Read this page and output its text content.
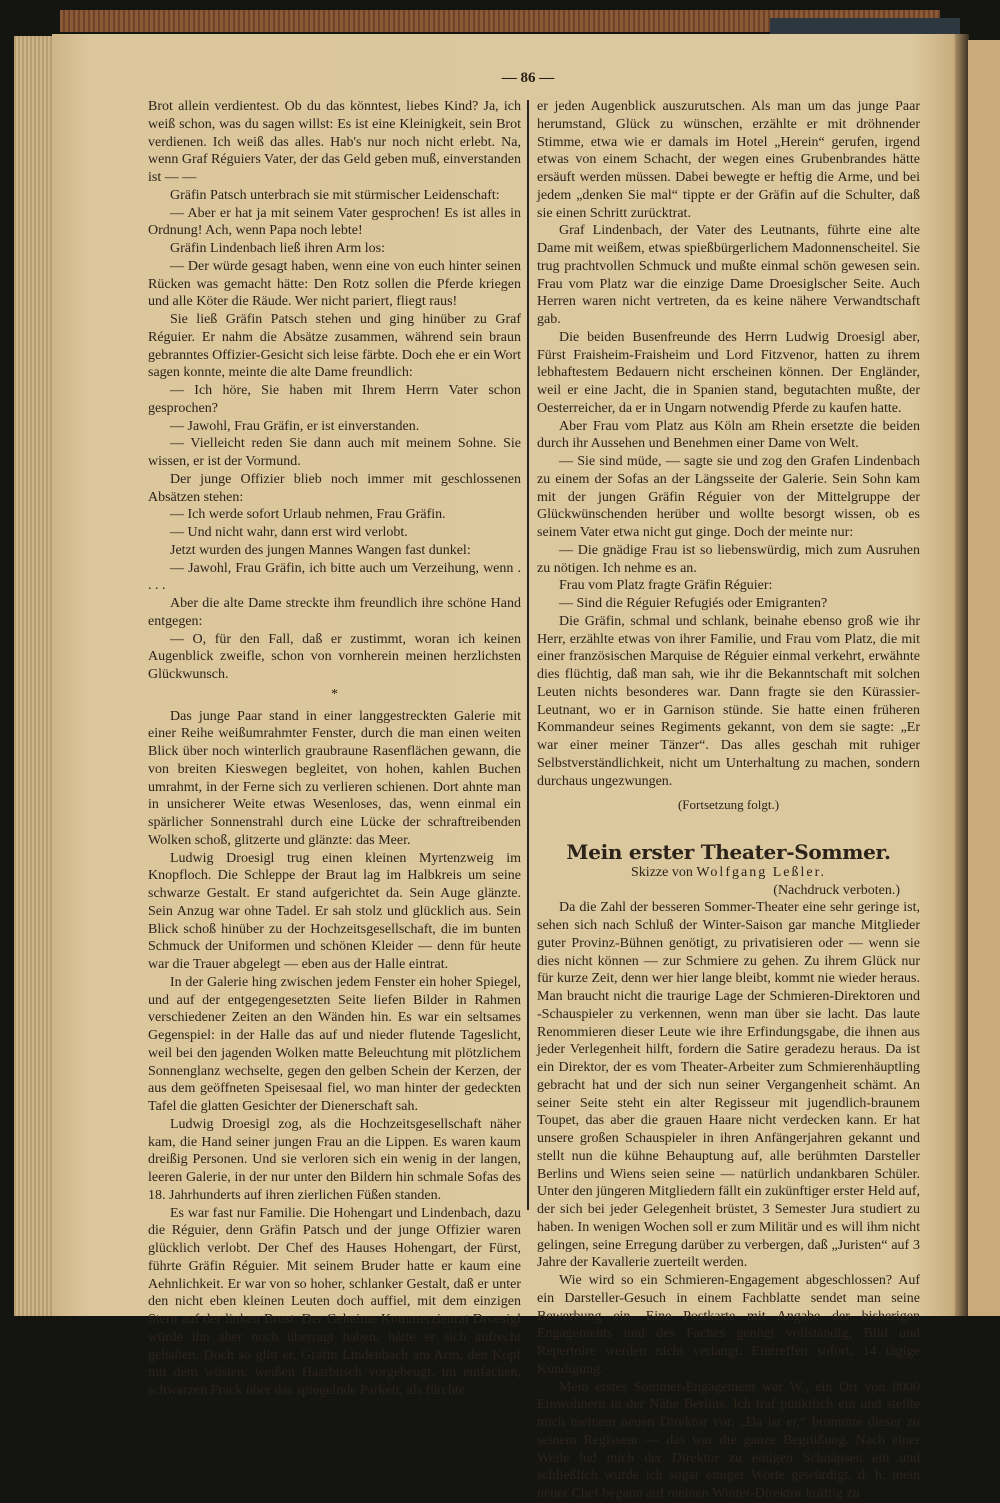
— 86 —

Brot allein verdientest. Ob du das könntest, liebes Kind? Ja, ich weiß schon, was du sagen willst: Es ist eine Kleinigkeit, sein Brot verdienen. Ich weiß das alles. Hab's nur noch nicht erlebt. Na, wenn Graf Réguiers Vater, der das Geld geben muß, einverstanden ist — —

Gräfin Patsch unterbrach sie mit stürmischer Leidenschaft:

— Aber er hat ja mit seinem Vater gesprochen! Es ist alles in Ordnung! Ach, wenn Papa noch lebte!

Gräfin Lindenbach ließ ihren Arm los:

— Der würde gesagt haben, wenn eine von euch hinter seinen Rücken was gemacht hätte: Den Rotz sollen die Pferde kriegen und alle Köter die Räude. Wer nicht pariert, fliegt raus!

Sie ließ Gräfin Patsch stehen und ging hinüber zu Graf Réguier. Er nahm die Absätze zusammen, während sein braun gebranntes Offizier-Gesicht sich leise färbte. Doch ehe er ein Wort sagen konnte, meinte die alte Dame freundlich:

— Ich höre, Sie haben mit Ihrem Herrn Vater schon gesprochen?

— Jawohl, Frau Gräfin, er ist einverstanden.

— Vielleicht reden Sie dann auch mit meinem Sohne. Sie wissen, er ist der Vormund.

Der junge Offizier blieb noch immer mit geschlossenen Absätzen stehen:

— Ich werde sofort Urlaub nehmen, Frau Gräfin.

— Und nicht wahr, dann erst wird verlobt.

Jetzt wurden des jungen Mannes Wangen fast dunkel:

— Jawohl, Frau Gräfin, ich bitte auch um Verzeihung, wenn . . . .

Aber die alte Dame streckte ihm freundlich ihre schöne Hand entgegen:

— O, für den Fall, daß er zustimmt, woran ich keinen Augenblick zweifle, schon von vornherein meinen herzlichsten Glückwunsch.

*

Das junge Paar stand in einer langgestreckten Galerie mit einer Reihe weißumrahmter Fenster, durch die man einen weiten Blick über noch winterlich graubraune Rasenflächen gewann, die von breiten Kieswegen begleitet, von hohen, kahlen Buchen umrahmt, in der Ferne sich zu verlieren schienen. Dort ahnte man in unsicherer Weite etwas Wesenloses, das, wenn einmal ein spärlicher Sonnenstrahl durch eine Lücke der schraftreibenden Wolken schoß, glitzerte und glänzte: das Meer.

Ludwig Droesigl trug einen kleinen Myrtenzweig im Knopfloch. Die Schleppe der Braut lag im Halbkreis um seine schwarze Gestalt. Er stand aufgerichtet da. Sein Auge glänzte. Sein Anzug war ohne Tadel. Er sah stolz und glücklich aus. Sein Blick schoß hinüber zu der Hochzeitsgesellschaft, die im bunten Schmuck der Uniformen und schönen Kleider — denn für heute war die Trauer abgelegt — eben aus der Halle eintrat.

In der Galerie hing zwischen jedem Fenster ein hoher Spiegel, und auf der entgegengesetzten Seite liefen Bilder in Rahmen verschiedener Zeiten an den Wänden hin. Es war ein seltsames Gegenspiel: in der Halle das auf und nieder flutende Tageslicht, weil bei den jagenden Wolken matte Beleuchtung mit plötzlichem Sonnenglanz wechselte, gegen den gelben Schein der Kerzen, der aus dem geöffneten Speisesaal fiel, wo man hinter der gedeckten Tafel die glatten Gesichter der Dienerschaft sah.

Ludwig Droesigl zog, als die Hochzeitsgesellschaft näher kam, die Hand seiner jungen Frau an die Lippen. Es waren kaum dreißig Personen. Und sie verloren sich ein wenig in der langen, leeren Galerie, in der nur unter den Bildern hin schmale Sofas des 18. Jahrhunderts auf ihren zierlichen Füßen standen.

Es war fast nur Familie. Die Hohengart und Lindenbach, dazu die Réguier, denn Gräfin Patsch und der junge Offizier waren glücklich verlobt. Der Chef des Hauses Hohengart, der Fürst, führte Gräfin Réguier. Mit seinem Bruder hatte er kaum eine Aehnlichkeit. Er war von so hoher, schlanker Gestalt, daß er unter den nicht eben kleinen Leuten doch auffiel, mit dem einzigen Stern auf der linken Brust. Der Geheime Kommerzienrat Droesigl würde ihn aber noch überragt haben, hätte er sich aufrecht gehalten. Doch so glitt er, Gräfin Lindenbach am Arm, den Kopf mit dem wüsten, weißen Haarbusch vorgebeugt, im einfachen, schwarzen Frack über das spiegelnde Parkett, als fürchte

er jeden Augenblick auszurutschen. Als man um das junge Paar herumstand, Glück zu wünschen, erzählte er mit dröhnender Stimme, etwa wie er damals im Hotel „Herein“ gerufen, irgend etwas von einem Schacht, der wegen eines Grubenbrandes hätte ersäuft werden müssen. Dabei bewegte er heftig die Arme, und bei jedem „denken Sie mal“ tippte er der Gräfin auf die Schulter, daß sie einen Schritt zurücktrat.

Graf Lindenbach, der Vater des Leutnants, führte eine alte Dame mit weißem, etwas spießbürgerlichem Madonnenscheitel. Sie trug prachtvollen Schmuck und mußte einmal schön gewesen sein. Frau vom Platz war die einzige Dame Droesiglscher Seite. Auch Herren waren nicht vertreten, da es keine nähere Verwandtschaft gab.

Die beiden Busenfreunde des Herrn Ludwig Droesigl aber, Fürst Fraisheim-Fraisheim und Lord Fitzvenor, hatten zu ihrem lebhaftestem Bedauern nicht erscheinen können. Der Engländer, weil er eine Jacht, die in Spanien stand, begutachten mußte, der Oesterreicher, da er in Ungarn notwendig Pferde zu kaufen hatte.

Aber Frau vom Platz aus Köln am Rhein ersetzte die beiden durch ihr Aussehen und Benehmen einer Dame von Welt.

— Sie sind müde, — sagte sie und zog den Grafen Lindenbach zu einem der Sofas an der Längsseite der Galerie. Sein Sohn kam mit der jungen Gräfin Réguier von der Mittelgruppe der Glückwünschenden herüber und wollte besorgt wissen, ob es seinem Vater etwa nicht gut ginge. Doch der meinte nur:

— Die gnädige Frau ist so liebenswürdig, mich zum Ausruhen zu nötigen. Ich nehme es an.

Frau vom Platz fragte Gräfin Réguier:

— Sind die Réguier Refugiés oder Emigranten?

Die Gräfin, schmal und schlank, beinahe ebenso groß wie ihr Herr, erzählte etwas von ihrer Familie, und Frau vom Platz, die mit einer französischen Marquise de Réguier einmal verkehrt, erwähnte dies flüchtig, daß man sah, wie ihr die Bekanntschaft mit solchen Leuten nichts besonderes war. Dann fragte sie den Kürassier-Leutnant, wo er in Garnison stünde. Sie hatte einen früheren Kommandeur seines Regiments gekannt, von dem sie sagte: „Er war einer meiner Tänzer“. Das alles geschah mit ruhiger Selbstverständlichkeit, nicht um Unterhaltung zu machen, sondern durchaus ungezwungen.

(Fortsetzung folgt.)
Mein erster Theater-Sommer.
Skizze von Wolfgang Leßler.
(Nachdruck verboten.)

Da die Zahl der besseren Sommer-Theater eine sehr geringe ist, sehen sich nach Schluß der Winter-Saison gar manche Mitglieder guter Provinz-Bühnen genötigt, zu privatisieren oder — wenn sie dies nicht können — zur Schmiere zu gehen. Zu ihrem Glück nur für kurze Zeit, denn wer hier lange bleibt, kommt nie wieder heraus. Man braucht nicht die traurige Lage der Schmieren-Direktoren und -Schauspieler zu verkennen, wenn man über sie lacht. Das laute Renommieren dieser Leute wie ihre Erfindungsgabe, die ihnen aus jeder Verlegenheit hilft, fordern die Satire geradezu heraus. Da ist ein Direktor, der es vom Theater-Arbeiter zum Schmierenhäuptling gebracht hat und der sich nun seiner Vergangenheit schämt. An seiner Seite steht ein alter Regisseur mit jugendlich-braunem Toupet, das aber die grauen Haare nicht verdecken kann. Er hat unsere großen Schauspieler in ihren Anfängerjahren gekannt und stellt nun die kühne Behauptung auf, alle berühmten Darsteller Berlins und Wiens seien seine — natürlich undankbaren Schüler. Unter den jüngeren Mitgliedern fällt ein zukünftiger erster Held auf, der sich bei jeder Gelegenheit brüstet, 3 Semester Jura studiert zu haben. In wenigen Wochen soll er zum Militär und es will ihm nicht gelingen, seine Erregung darüber zu verbergen, daß „Juristen“ auf 3 Jahre der Kavallerie zuerteilt werden.

Wie wird so ein Schmieren-Engagement abgeschlossen? Auf ein Darsteller-Gesuch in einem Fachblatte sendet man seine Bewerbung ein. Eine Postkarte mit Angabe der bisherigen Engagements und des Faches genügt vollständig; Bild und Repertoire werden nicht verlangt. Eintreffen sofort, 14 tägige Kündigung.

Mein erstes Sommer-Engagement war W., ein Ort von 8000 Einwohnern in der Nähe Berlins. Ich traf pünktlich ein und stellte mich meinem neuen Direktor vor. „Da ist er,“ brummte dieser zu seinem Regisseur — das war die ganze Begrüßung. Nach einer Weile lud mich der Direktor zu einigen Schnäpsen ein und schließlich wurde ich sogar einiger Worte gewürdigt, d. h. mein neuer Chef begann auf meinen Winter-Direktor kräftig zu
